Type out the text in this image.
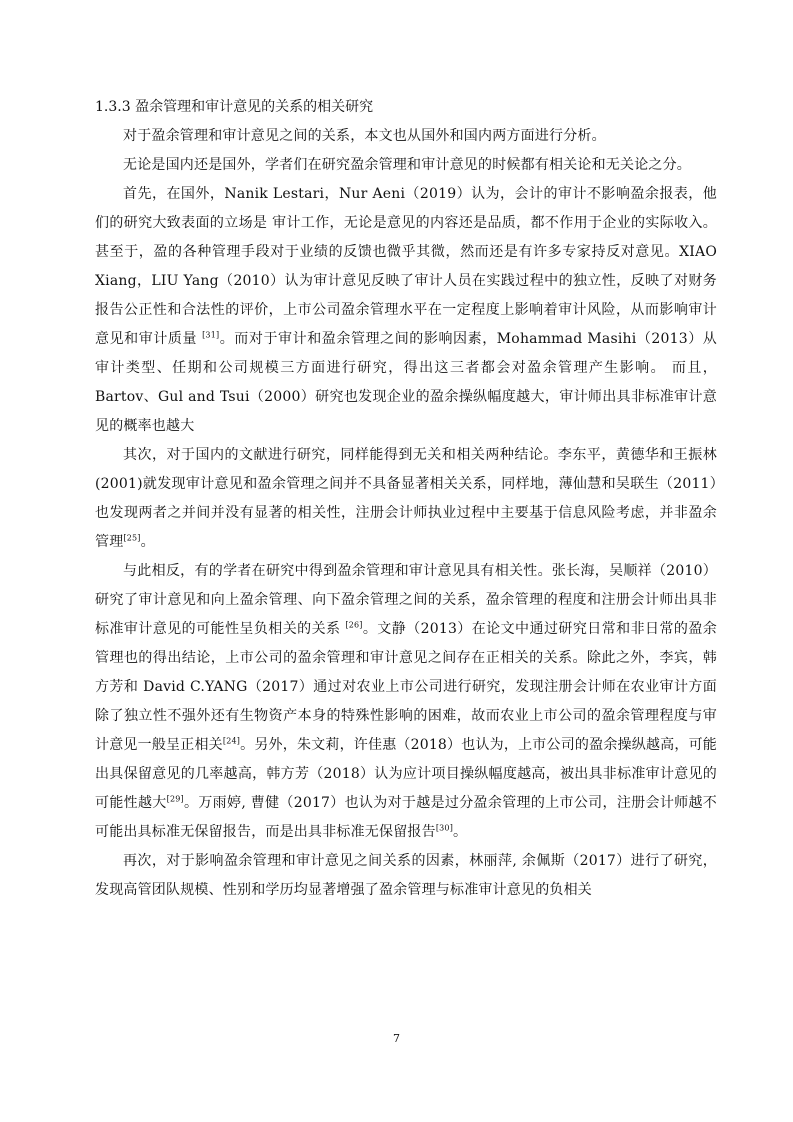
1.3.3 盈余管理和审计意见的关系的相关研究

对于盈余管理和审计意见之间的关系，本文也从国外和国内两方面进行分析。

无论是国内还是国外，学者们在研究盈余管理和审计意见的时候都有相关论和无关论之分。

首先，在国外，Nanik Lestari，Nur Aeni（2019）认为，会计的审计不影响盈余报表，他们的研究大致表面的立场是 审计工作，无论是意见的内容还是品质，都不作用于企业的实际收入。甚至于，盈的各种管理手段对于业绩的反馈也微乎其微，然而还是有许多专家持反对意见。XIAO Xiang，LIU Yang（2010）认为审计意见反映了审计人员在实践过程中的独立性，反映了对财务报告公正性和合法性的评价，上市公司盈余管理水平在一定程度上影响着审计风险，从而影响审计意见和审计质量 [31]。而对于审计和盈余管理之间的影响因素，Mohammad Masihi（2013）从审计类型、任期和公司规模三方面进行研究，得出这三者都会对盈余管理产生影响。 而且，Bartov、Gul and Tsui（2000）研究也发现企业的盈余操纵幅度越大，审计师出具非标准审计意见的概率也越大

其次，对于国内的文献进行研究，同样能得到无关和相关两种结论。李东平，黄德华和王振林(2001)就发现审计意见和盈余管理之间并不具备显著相关关系，同样地，薄仙慧和吴联生（2011）也发现两者之并间并没有显著的相关性，注册会计师执业过程中主要基于信息风险考虑，并非盈余管理[25]。

与此相反，有的学者在研究中得到盈余管理和审计意见具有相关性。张长海，吴顺祥（2010）研究了审计意见和向上盈余管理、向下盈余管理之间的关系，盈余管理的程度和注册会计师出具非标准审计意见的可能性呈负相关的关系 [26]。文静（2013）在论文中通过研究日常和非日常的盈余管理也的得出结论，上市公司的盈余管理和审计意见之间存在正相关的关系。除此之外，李宾，韩方芳和 David C.YANG（2017）通过对农业上市公司进行研究，发现注册会计师在农业审计方面除了独立性不强外还有生物资产本身的特殊性影响的困难，故而农业上市公司的盈余管理程度与审计意见一般呈正相关[24]。另外，朱文莉，许佳惠（2018）也认为，上市公司的盈余操纵越高，可能出具保留意见的几率越高，韩方芳（2018）认为应计项目操纵幅度越高，被出具非标准审计意见的可能性越大[29]。万雨婷, 曹健（2017）也认为对于越是过分盈余管理的上市公司，注册会计师越不可能出具标准无保留报告，而是出具非标准无保留报告[30]。

再次，对于影响盈余管理和审计意见之间关系的因素，林丽萍, 余佩斯（2017）进行了研究，发现高管团队规模、性别和学历均显著增强了盈余管理与标准审计意见的负相关

7
